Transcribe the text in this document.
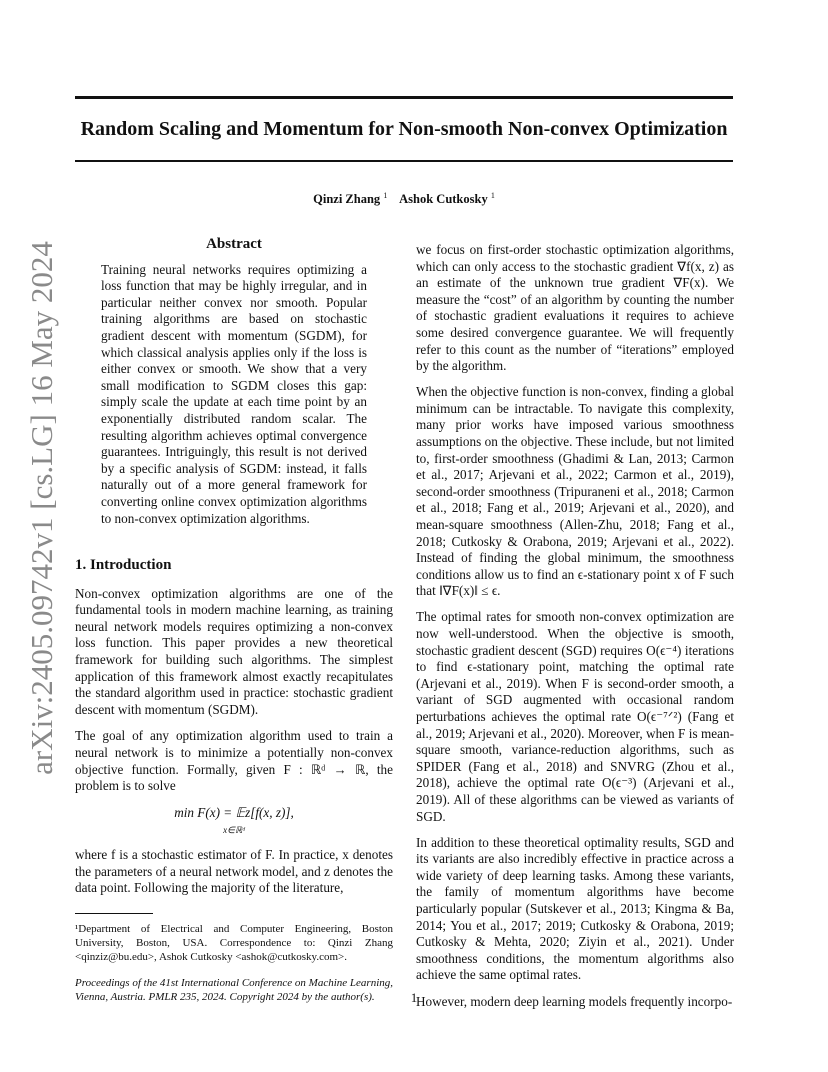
Random Scaling and Momentum for Non-smooth Non-convex Optimization
Qinzi Zhang $^1$ Ashok Cutkosky $^1$
arXiv:2405.09742v1 [cs.LG] 16 May 2024	Abstract

Training neural networks requires optimizing a loss function that may be highly irregular, and in particular neither convex nor smooth. Popular training algorithms are based on stochastic gradient descent with momentum (SGDM), for which classical analysis applies only if the loss is either convex or smooth. We show that a very small modification to SGDM closes this gap: simply scale the update at each time point by an exponentially distributed random scalar. The resulting algorithm achieves optimal convergence guarantees. Intriguingly, this result is not derived by a specific analysis of SGDM: instead, it falls naturally out of a more general framework for converting online convex optimization algorithms to non-convex optimization algorithms.

1. Introduction

Non-convex optimization algorithms are one of the fundamental tools in modern machine learning, as training neural network models requires optimizing a non-convex loss function. This paper provides a new theoretical framework for building such algorithms. The simplest application of this framework almost exactly recapitulates the standard algorithm used in practice: stochastic gradient descent with momentum (SGDM).

The goal of any optimization algorithm used to train a neural network is to minimize a potentially non-convex objective function. Formally, given F : ℝᵈ → ℝ, the problem is to solve

min F(x) = 𝔼z[f(x, z)],
x∈ℝᵈ

where f is a stochastic estimator of F. In practice, x denotes the parameters of a neural network model, and z denotes the data point. Following the majority of the literature,

¹Department of Electrical and Computer Engineering, Boston University, Boston, USA. Correspondence to: Qinzi Zhang <qinziz@bu.edu>, Ashok Cutkosky <ashok@cutkosky.com>.

Proceedings of the 41st International Conference on Machine Learning, Vienna, Austria. PMLR 235, 2024. Copyright 2024 by the author(s).

we focus on first-order stochastic optimization algorithms, which can only access to the stochastic gradient ∇f(x, z) as an estimate of the unknown true gradient ∇F(x). We measure the “cost” of an algorithm by counting the number of stochastic gradient evaluations it requires to achieve some desired convergence guarantee. We will frequently refer to this count as the number of “iterations” employed by the algorithm.

When the objective function is non-convex, finding a global minimum can be intractable. To navigate this complexity, many prior works have imposed various smoothness assumptions on the objective. These include, but not limited to, first-order smoothness (Ghadimi & Lan, 2013; Carmon et al., 2017; Arjevani et al., 2022; Carmon et al., 2019), second-order smoothness (Tripuraneni et al., 2018; Carmon et al., 2018; Fang et al., 2019; Arjevani et al., 2020), and mean-square smoothness (Allen-Zhu, 2018; Fang et al., 2018; Cutkosky & Orabona, 2019; Arjevani et al., 2022). Instead of finding the global minimum, the smoothness conditions allow us to find an ϵ-stationary point x of F such that ‖∇F(x)‖ ≤ ϵ.

The optimal rates for smooth non-convex optimization are now well-understood. When the objective is smooth, stochastic gradient descent (SGD) requires O(ϵ⁻⁴) iterations to find ϵ-stationary point, matching the optimal rate (Arjevani et al., 2019). When F is second-order smooth, a variant of SGD augmented with occasional random perturbations achieves the optimal rate O(ϵ⁻⁷ᐟ²) (Fang et al., 2019; Arjevani et al., 2020). Moreover, when F is mean-square smooth, variance-reduction algorithms, such as SPIDER (Fang et al., 2018) and SNVRG (Zhou et al., 2018), achieve the optimal rate O(ϵ⁻³) (Arjevani et al., 2019). All of these algorithms can be viewed as variants of SGD.

In addition to these theoretical optimality results, SGD and its variants are also incredibly effective in practice across a wide variety of deep learning tasks. Among these variants, the family of momentum algorithms have become particularly popular (Sutskever et al., 2013; Kingma & Ba, 2014; You et al., 2017; 2019; Cutkosky & Orabona, 2019; Cutkosky & Mehta, 2020; Ziyin et al., 2021). Under smoothness conditions, the momentum algorithms also achieve the same optimal rates.

However, modern deep learning models frequently incorpo-

1
